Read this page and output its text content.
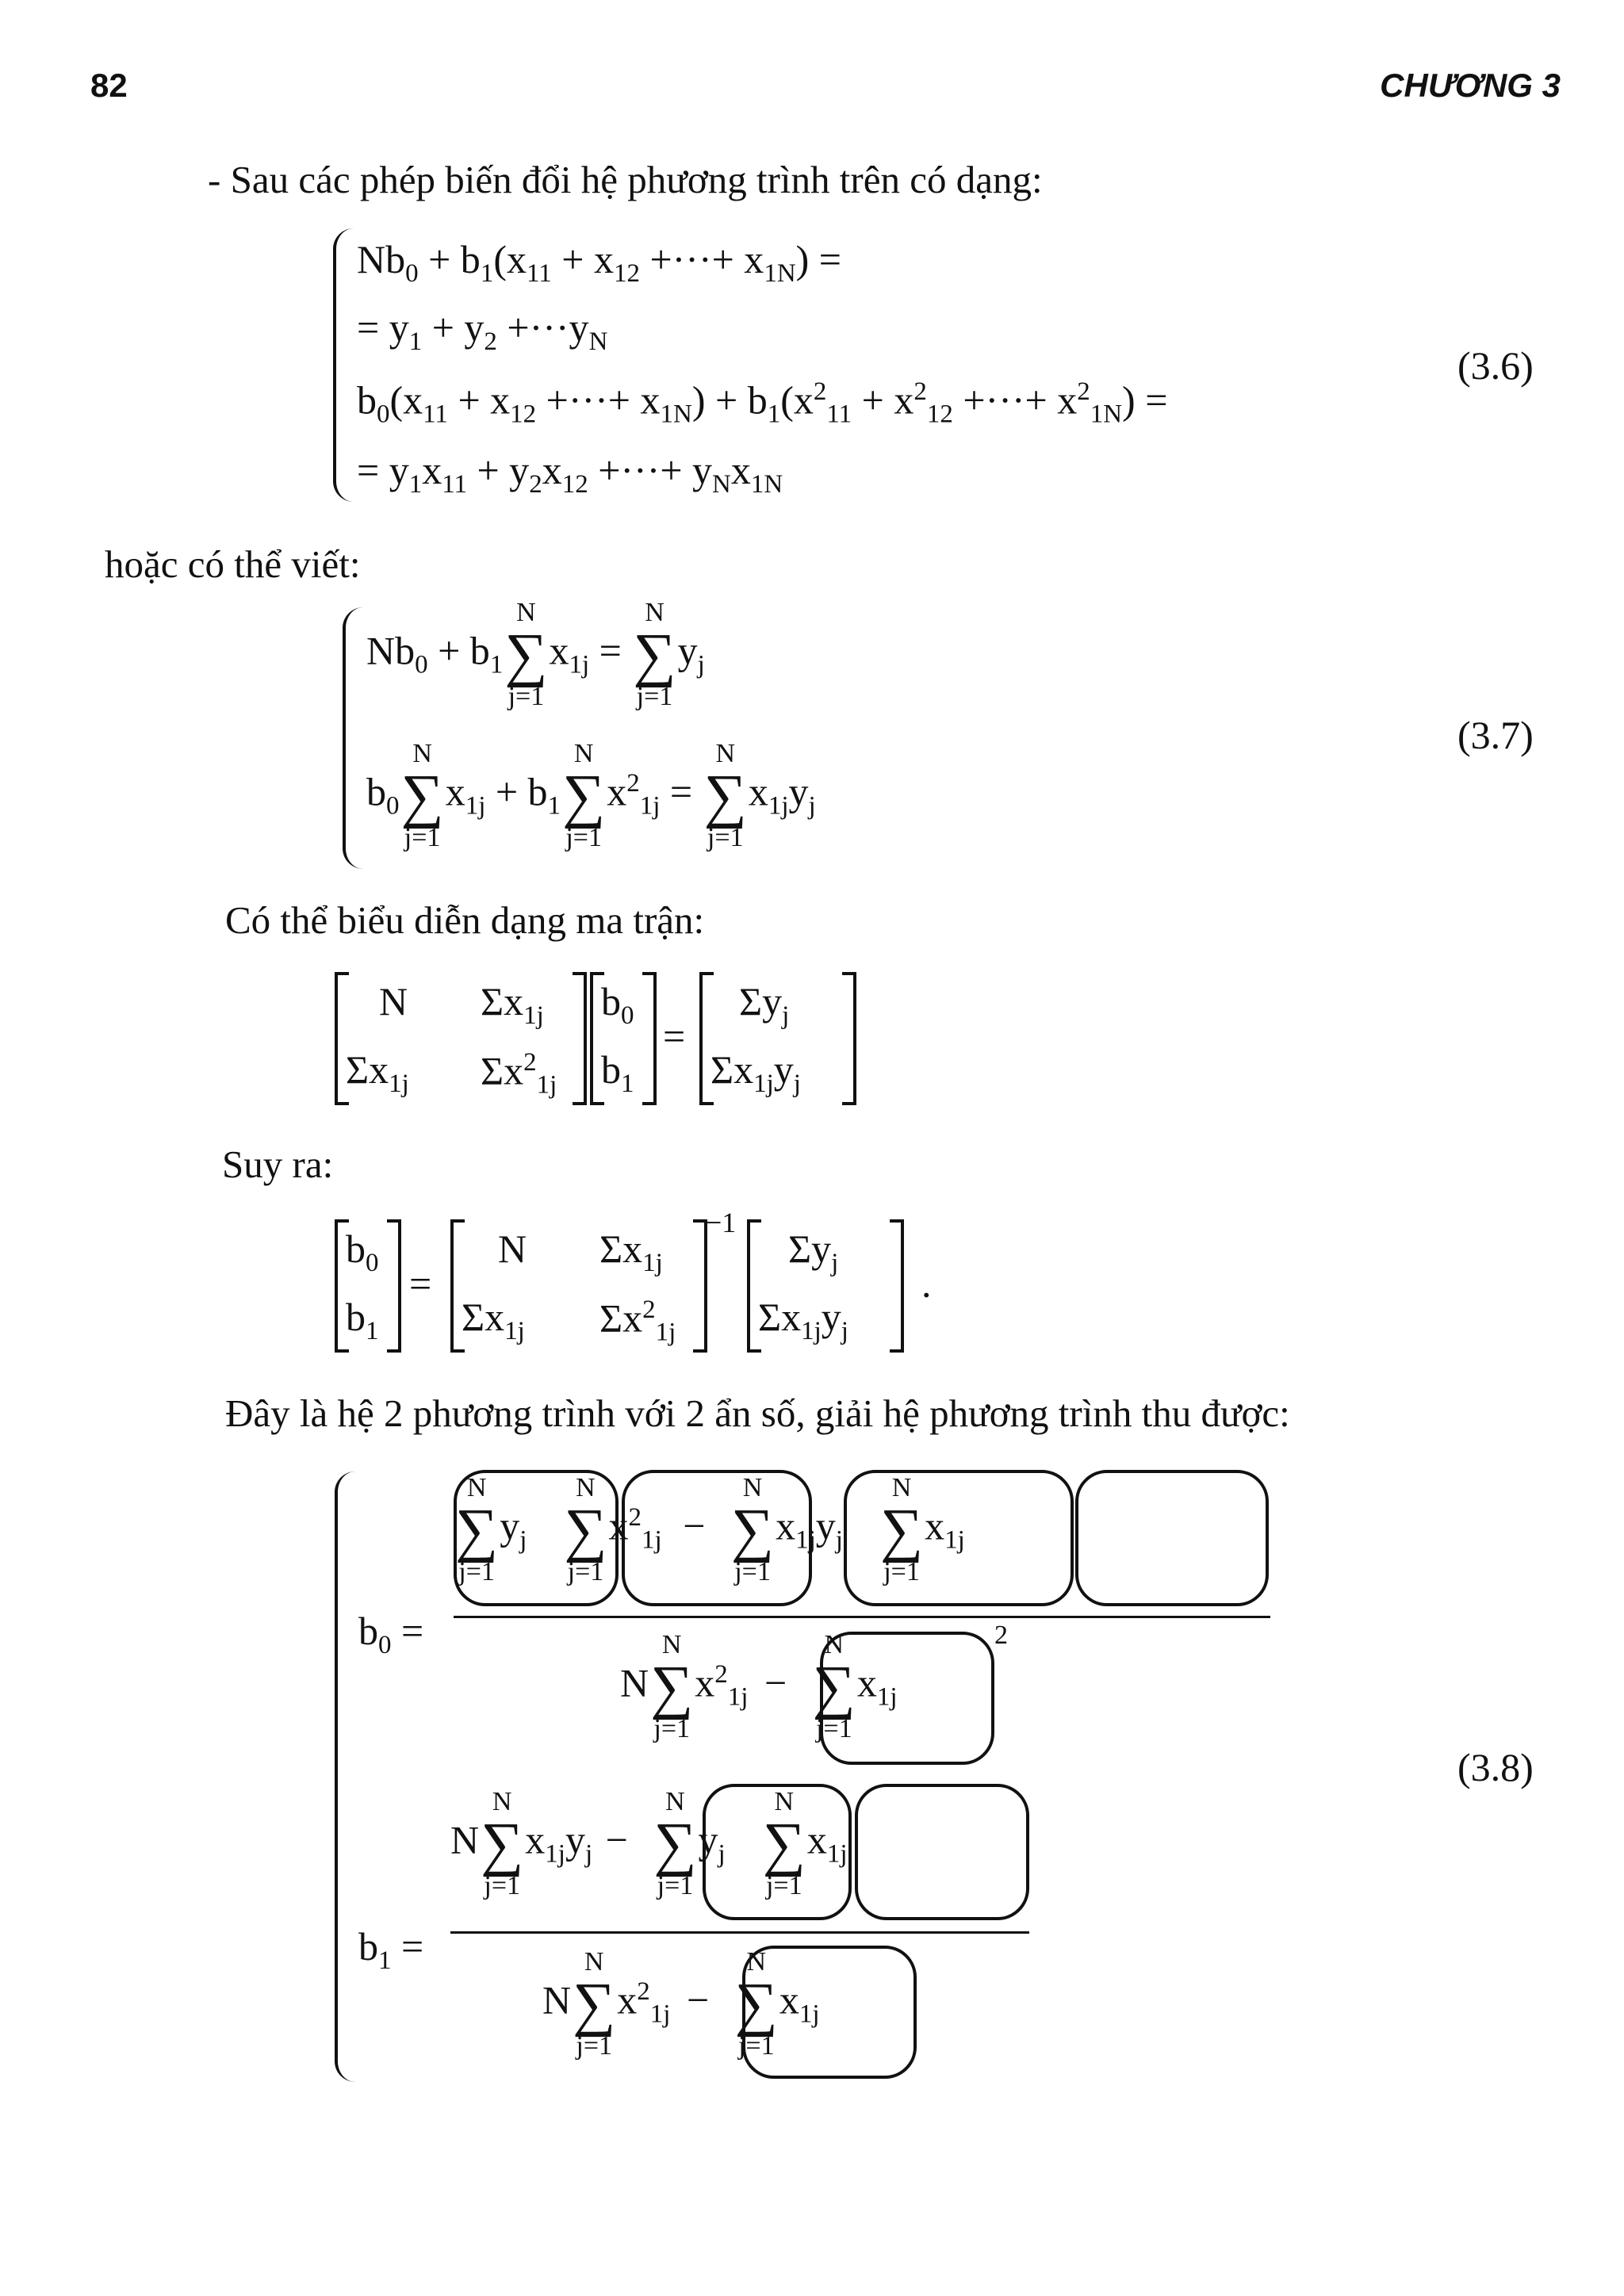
82	CHƯƠNG 3
- Sau các phép biến đổi hệ phương trình trên có dạng:
$Nb_0 + b_1(x_{11} + x_{12}$ +···+ $x_{1N}$) =
= $y_1 + y_2 +\cdot\cdot\cdot y_N$
$b_0(x_{11} + x_{12}$ +···+ $x_{1N}) + b_1(x^2_{11} + x^2_{12}$ +···+ $x^2_{1N}$) =
= $y_1x_{11} + y_2x_{12}$ +···+ $y_Nx_{1N}$
(3.6)
hoặc có thể viết:
$Nb_0 + b_1$
N
∑
j=1
$x_{1j}$ =
N
∑
j=1
$y_j$
$b_0$
N
∑
j=1
$x_{1j} + b_1$
N
∑
j=1
$x^2_{1j}$ =
N
∑
j=1
$x_{1j}y_j$
(3.7)
Có thể biểu diễn dạng ma trận:
N $\Sigma x_{1j}$
$\Sigma x_{1j}$ $\Sigma x^2_{1j}$
$b_0$
$b_1$
=
$\Sigma y_j$
$\Sigma x_{1j}y_j$
Suy ra:
$b_0$
$b_1$
=
N $\Sigma x_{1j}$
$\Sigma x_{1j}$ $\Sigma x^2_{1j}$
−1
$\Sigma y_j$
$\Sigma x_{1j}y_j$
.
Đây là hệ 2 phương trình với 2 ẩn số, giải hệ phương trình thu được:
$b_0$ =
N
∑
j=1
$y_j$
N
∑
j=1
$x^2_{1j}$ −
N
∑
j=1
$x_{1j}y_j$
N
∑
j=1
$x_{1j}$
N
N
∑
j=1
$x^2_{1j}$ −
N
∑
j=1
$x_{1j}$
2
$b_1$ =
N
N
∑
j=1
$x_{1j}y_j$ −
N
∑
j=1
$y_j$
N
∑
j=1
$x_{1j}$
N
N
∑
j=1
$x^2_{1j}$ −
N
∑
j=1
$x_{1j}$
(3.8)
